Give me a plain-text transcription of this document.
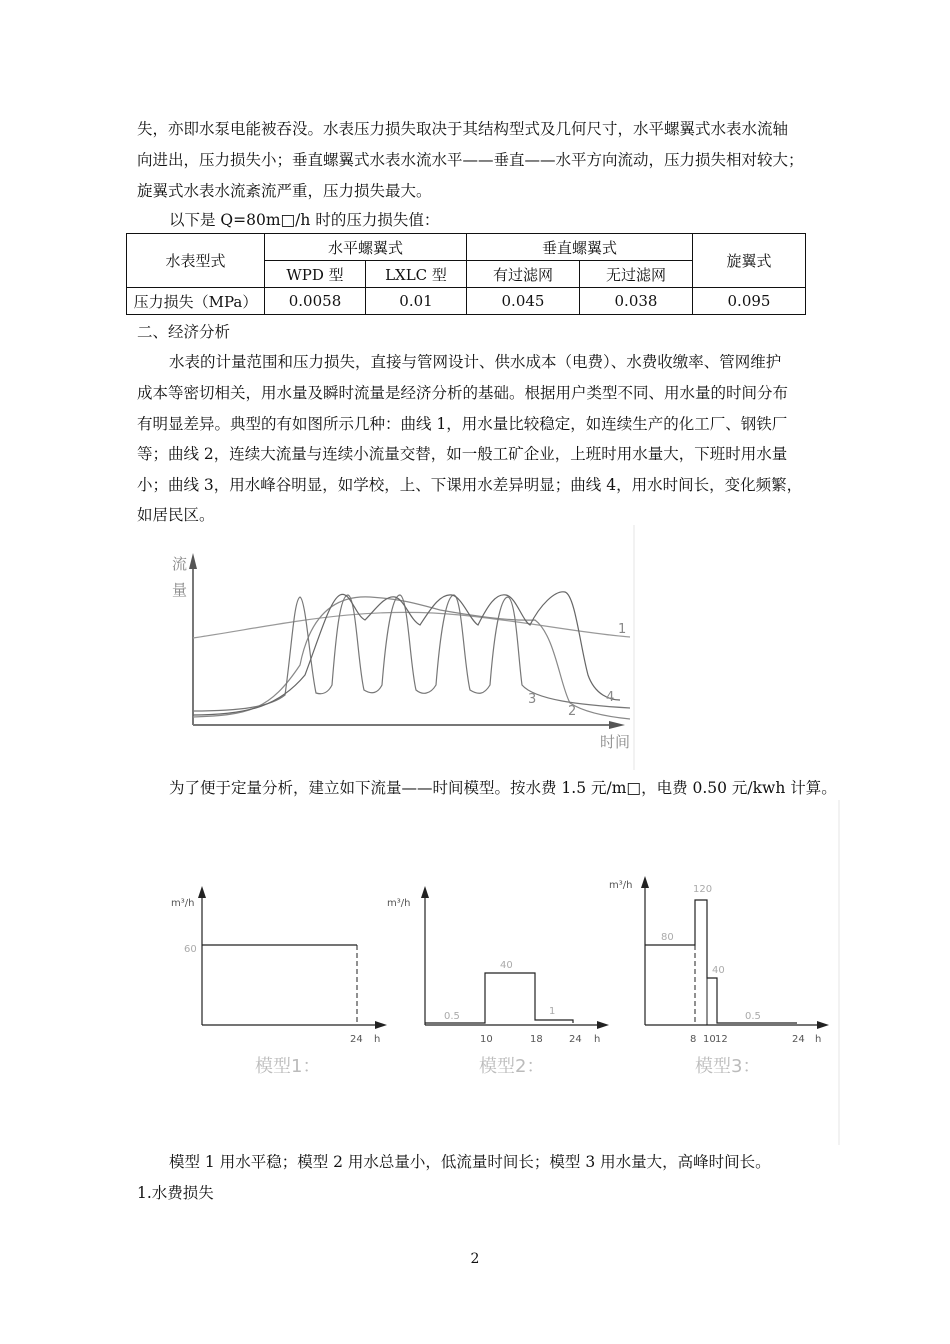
失，亦即水泵电能被吞没。水表压力损失取决于其结构型式及几何尺寸，水平螺翼式水表水流轴
向进出，压力损失小；垂直螺翼式水表水流水平——垂直——水平方向流动，压力损失相对较大；
旋翼式水表水流紊流严重，压力损失最大。
以下是 Q=80m□/h 时的压力损失值：
水表型式	水平螺翼式		垂直螺翼式		旋翼式
	WPD 型	LXLC 型	有过滤网	无过滤网	
压力损失（MPa）	0.0058	0.01	0.045	0.038	0.095
二、经济分析
水表的计量范围和压力损失，直接与管网设计、供水成本（电费）、水费收缴率、管网维护
成本等密切相关，用水量及瞬时流量是经济分析的基础。根据用户类型不同、用水量的时间分布
有明显差异。典型的有如图所示几种：曲线 1，用水量比较稳定，如连续生产的化工厂、钢铁厂
等；曲线 2，连续大流量与连续小流量交替，如一般工矿企业，上班时用水量大，下班时用水量
小；曲线 3，用水峰谷明显，如学校，上、下课用水差异明显；曲线 4，用水时间长，变化频繁，
如居民区。
流
量
时间
1
2
3	4
为了便于定量分析，建立如下流量——时间模型。按水费 1.5 元/m□，电费 0.50 元/kwh 计算。
m³/h
60
24 h
模型1：
m³/h
0.5
40
1
10	18	24 h
模型2：
m³/h
80
120
40
0.5
8 10 12	24 h
模型3：
模型 1 用水平稳；模型 2 用水总量小，低流量时间长；模型 3 用水量大，高峰时间长。
1.水费损失
2
